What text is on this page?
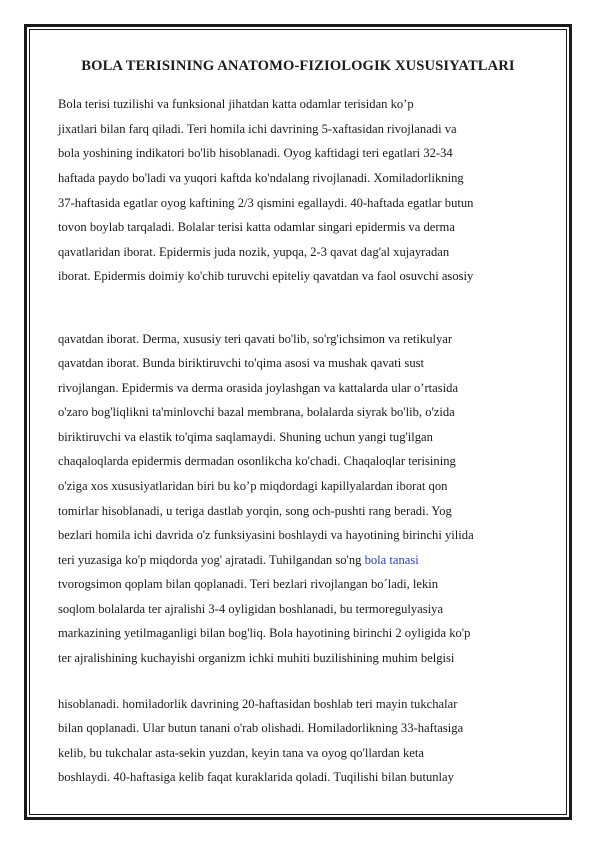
BOLA TERISINING ANATOMO-FIZIOLOGIK XUSUSIYATLARI

Bola terisi tuzilishi va funksional jihatdan katta odamlar terisidan ko’p

jixatlari bilan farq qiladi. Teri homila ichi davrining 5-xaftasidan rivojlanadi va

bola yoshining indikatori bo'lib hisoblanadi. Oyog kaftidagi teri egatlari 32-34

haftada paydo bo'ladi va yuqori kaftda ko'ndalang rivojlanadi. Xomiladorlikning

37-haftasida egatlar oyog kaftining 2/3 qismini egallaydi. 40-haftada egatlar butun

tovon boylab tarqaladi. Bolalar terisi katta odamlar singari epidermis va derma

qavatlaridan iborat. Epidermis juda nozik, yupqa, 2-3 qavat dag'al xujayradan

iborat. Epidermis doimiy ko'chib turuvchi epiteliy qavatdan va faol osuvchi asosiy

qavatdan iborat. Derma, xususiy teri qavati bo'lib, so'rg'ichsimon va retikulyar

qavatdan iborat. Bunda biriktiruvchi to'qima asosi va mushak qavati sust

rivojlangan. Epidermis va derma orasida joylashgan va kattalarda ular o’rtasida

o'zaro bog'liqlikni ta'minlovchi bazal membrana, bolalarda siyrak bo'lib, o'zida

biriktiruvchi va elastik to'qima saqlamaydi. Shuning uchun yangi tug'ilgan

chaqaloqlarda epidermis dermadan osonlikcha ko'chadi. Chaqaloqlar terisining

o'ziga xos xususiyatlaridan biri bu ko’p miqdordagi kapillyalardan iborat qon

tomirlar hisoblanadi, u teriga dastlab yorqin, song och-pushti rang beradi. Yog

bezlari homila ichi davrida o'z funksiyasini boshlaydi va hayotining birinchi yilida

teri yuzasiga ko'p miqdorda yog' ajratadi. Tuhilgandan so'ng bola tanasi

tvorogsimon qoplam bilan qoplanadi. Teri bezlari rivojlangan bo´ladi, lekin

soqlom bolalarda ter ajralishi 3-4 oyligidan boshlanadi, bu termoregulyasiya

markazining yetilmaganligi bilan bog'liq. Bola hayotining birinchi 2 oyligida ko'p

ter ajralishining kuchayishi organizm ichki muhiti buzilishining muhim belgisi

hisoblanadi. homiladorlik davrining 20-haftasidan boshlab teri mayin tukchalar

bilan qoplanadi. Ular butun tanani o'rab olishadi. Homiladorlikning 33-haftasiga

kelib, bu tukchalar asta-sekin yuzdan, keyin tana va oyog qo'llardan keta

boshlaydi. 40-haftasiga kelib faqat kuraklarida qoladi. Tuqilishi bilan butunlay
